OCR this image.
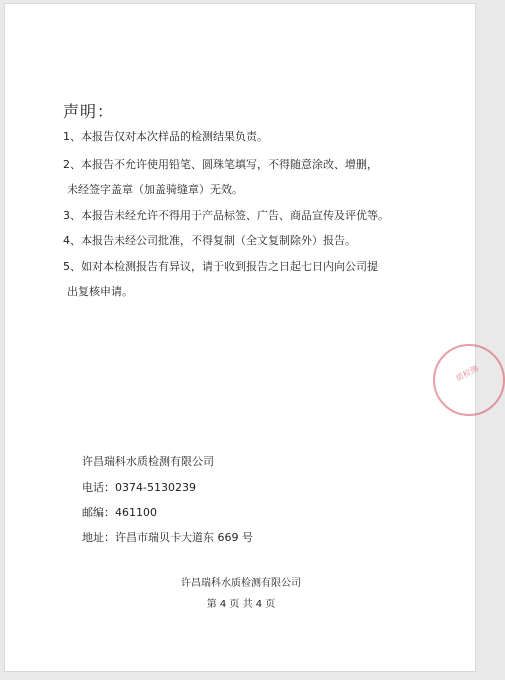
声明：
1、本报告仅对本次样品的检测结果负责。
2、本报告不允许使用铅笔、圆珠笔填写，不得随意涂改、增删，
未经签字盖章（加盖骑缝章）无效。
3、本报告未经允许不得用于产品标签、广告、商品宣传及评优等。
4、本报告未经公司批准，不得复制（全文复制除外）报告。
5、如对本检测报告有异议，请于收到报告之日起七日内向公司提
出复核申请。
许昌瑞科水质检测有限公司
电话：0374-5130239
邮编：461100
地址：许昌市瑞贝卡大道东 669 号
许昌瑞科水质检测有限公司
第 4 页 共 4 页
质检测
